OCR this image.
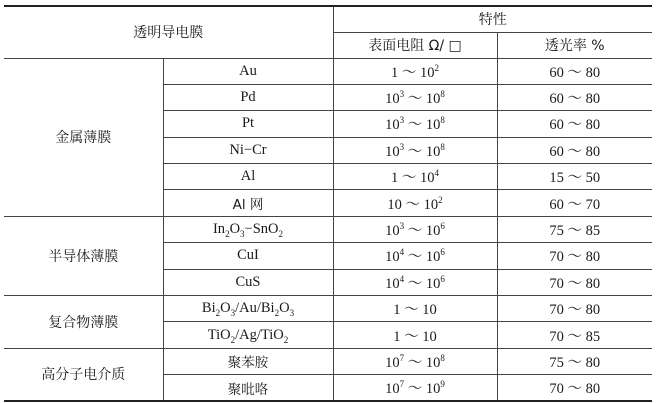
透明导电膜		特性	
		表面电阻 Ω/ □	透光率 %
金属薄膜	Au	1 ～ $10^2$	60 ～ 80
	Pd	$10^3$ ～ $10^8$	60 ～ 80
	Pt	$10^3$ ～ $10^8$	60 ～ 80
	Ni−Cr	$10^3$ ～ $10^8$	60 ～ 80
	Al	1 ～ $10^4$	15 ～ 50
	Al 网	10 ～ $10^2$	60 ～ 70
半导体薄膜	$In_2O_3-SnO_2$	$10^3$ ～ $10^6$	75 ～ 85
	CuI	$10^4$ ～ $10^6$	70 ～ 80
	CuS	$10^4$ ～ $10^6$	70 ～ 80
复合物薄膜	$Bi_2O_3/Au/Bi_2O_3$	1 ～ 10	70 ～ 80
	TiO$_2$/Ag/TiO$_2$	1 ～ 10	70 ～ 85
高分子电介质	聚苯胺	$10^7$ ～ $10^8$	75 ～ 80
	聚吡咯	$10^7$ ～ $10^9$	70 ～ 80
